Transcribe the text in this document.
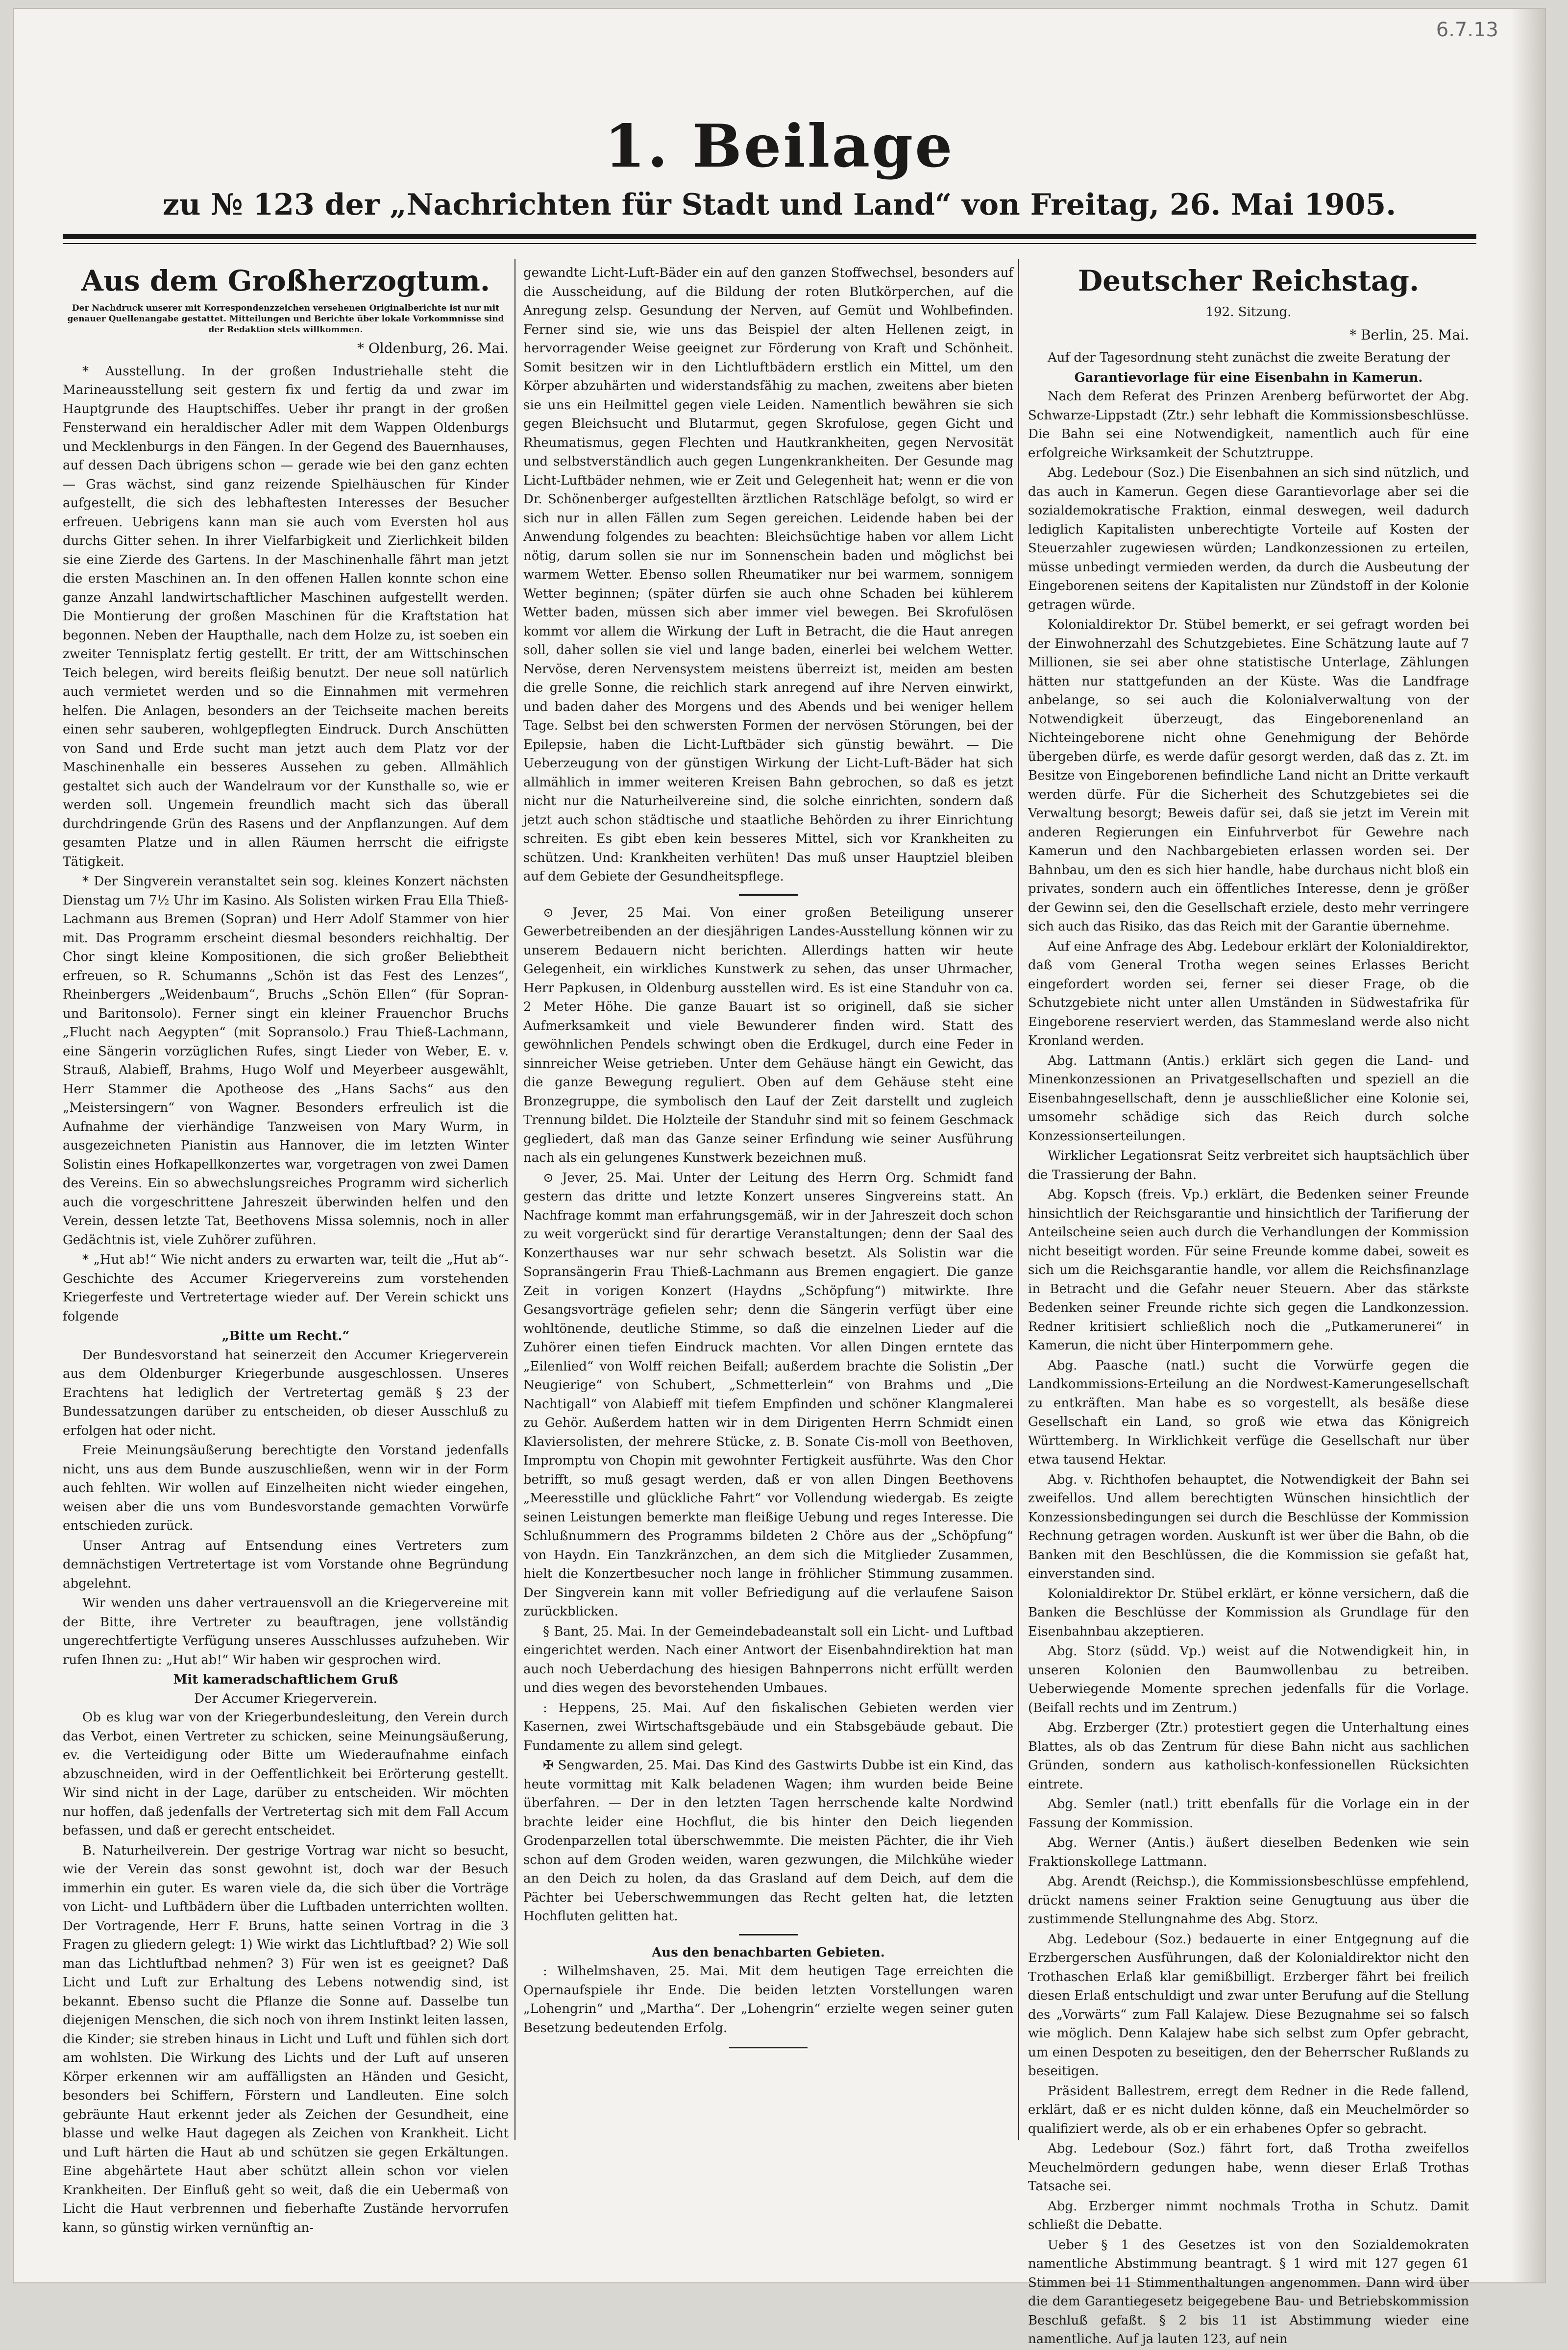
6.7.13
1. Beilage
zu № 123 der „Nachrichten für Stadt und Land“ von Freitag, 26. Mai 1905.
Aus dem Großherzogtum.
Der Nachdruck unserer mit Korrespondenzzeichen versehenen Originalberichte ist nur mit genauer Quellenangabe gestattet. Mitteilungen und Berichte über lokale Vorkommnisse sind der Redaktion stets willkommen.
* Oldenburg, 26. Mai.

* Ausstellung. In der großen Industriehalle steht die Marineausstellung seit gestern fix und fertig da und zwar im Hauptgrunde des Hauptschiffes. Ueber ihr prangt in der großen Fensterwand ein heraldischer Adler mit dem Wappen Oldenburgs und Mecklenburgs in den Fängen. In der Gegend des Bauernhauses, auf dessen Dach übrigens schon — gerade wie bei den ganz echten — Gras wächst, sind ganz reizende Spielhäuschen für Kinder aufgestellt, die sich des lebhaftesten Interesses der Besucher erfreuen. Uebrigens kann man sie auch vom Eversten hol aus durchs Gitter sehen. In ihrer Vielfarbigkeit und Zierlichkeit bilden sie eine Zierde des Gartens. In der Maschinenhalle fährt man jetzt die ersten Maschinen an. In den offenen Hallen konnte schon eine ganze Anzahl landwirtschaftlicher Maschinen aufgestellt werden. Die Montierung der großen Maschinen für die Kraftstation hat begonnen. Neben der Haupthalle, nach dem Holze zu, ist soeben ein zweiter Tennisplatz fertig gestellt. Er tritt, der am Wittschinschen Teich belegen, wird bereits fleißig benutzt. Der neue soll natürlich auch vermietet werden und so die Einnahmen mit vermehren helfen. Die Anlagen, besonders an der Teichseite machen bereits einen sehr sauberen, wohlgepflegten Eindruck. Durch Anschütten von Sand und Erde sucht man jetzt auch dem Platz vor der Maschinenhalle ein besseres Aussehen zu geben. Allmählich gestaltet sich auch der Wandelraum vor der Kunsthalle so, wie er werden soll. Ungemein freundlich macht sich das überall durchdringende Grün des Rasens und der Anpflanzungen. Auf dem gesamten Platze und in allen Räumen herrscht die eifrigste Tätigkeit.

* Der Singverein veranstaltet sein sog. kleines Konzert nächsten Dienstag um 7½ Uhr im Kasino. Als Solisten wirken Frau Ella Thieß-Lachmann aus Bremen (Sopran) und Herr Adolf Stammer von hier mit. Das Programm erscheint diesmal besonders reichhaltig. Der Chor singt kleine Kompositionen, die sich großer Beliebtheit erfreuen, so R. Schumanns „Schön ist das Fest des Lenzes“, Rheinbergers „Weidenbaum“, Bruchs „Schön Ellen“ (für Sopran- und Baritonsolo). Ferner singt ein kleiner Frauenchor Bruchs „Flucht nach Aegypten“ (mit Sopransolo.) Frau Thieß-Lachmann, eine Sängerin vorzüglichen Rufes, singt Lieder von Weber, E. v. Strauß, Alabieff, Brahms, Hugo Wolf und Meyerbeer ausgewählt, Herr Stammer die Apotheose des „Hans Sachs“ aus den „Meistersingern“ von Wagner. Besonders erfreulich ist die Aufnahme der vierhändige Tanzweisen von Mary Wurm, in ausgezeichneten Pianistin aus Hannover, die im letzten Winter Solistin eines Hofkapellkonzertes war, vorgetragen von zwei Damen des Vereins. Ein so abwechslungsreiches Programm wird sicherlich auch die vorgeschrittene Jahreszeit überwinden helfen und den Verein, dessen letzte Tat, Beethovens Missa solemnis, noch in aller Gedächtnis ist, viele Zuhörer zuführen.

* „Hut ab!“ Wie nicht anders zu erwarten war, teilt die „Hut ab“-Geschichte des Accumer Kriegervereins zum vorstehenden Kriegerfeste und Vertretertage wieder auf. Der Verein schickt uns folgende

„Bitte um Recht.“

Der Bundesvorstand hat seinerzeit den Accumer Kriegerverein aus dem Oldenburger Kriegerbunde ausgeschlossen. Unseres Erachtens hat lediglich der Vertretertag gemäß § 23 der Bundessatzungen darüber zu entscheiden, ob dieser Ausschluß zu erfolgen hat oder nicht.

Freie Meinungsäußerung berechtigte den Vorstand jedenfalls nicht, uns aus dem Bunde auszuschließen, wenn wir in der Form auch fehlten. Wir wollen auf Einzelheiten nicht wieder eingehen, weisen aber die uns vom Bundesvorstande gemachten Vorwürfe entschieden zurück.

Unser Antrag auf Entsendung eines Vertreters zum demnächstigen Vertretertage ist vom Vorstande ohne Begründung abgelehnt.

Wir wenden uns daher vertrauensvoll an die Kriegervereine mit der Bitte, ihre Vertreter zu beauftragen, jene vollständig ungerechtfertigte Verfügung unseres Ausschlusses aufzuheben. Wir rufen Ihnen zu: „Hut ab!“ Wir haben wir gesprochen wird.

Mit kameradschaftlichem Gruß
Der Accumer Kriegerverein.

Ob es klug war von der Kriegerbundesleitung, den Verein durch das Verbot, einen Vertreter zu schicken, seine Meinungsäußerung, ev. die Verteidigung oder Bitte um Wiederaufnahme einfach abzuschneiden, wird in der Oeffentlichkeit bei Erörterung gestellt. Wir sind nicht in der Lage, darüber zu entscheiden. Wir möchten nur hoffen, daß jedenfalls der Vertretertag sich mit dem Fall Accum befassen, und daß er gerecht entscheidet.

B. Naturheilverein. Der gestrige Vortrag war nicht so besucht, wie der Verein das sonst gewohnt ist, doch war der Besuch immerhin ein guter. Es waren viele da, die sich über die Vorträge von Licht- und Luftbädern über die Luftbaden unterrichten wollten. Der Vortragende, Herr F. Bruns, hatte seinen Vortrag in die 3 Fragen zu gliedern gelegt: 1) Wie wirkt das Lichtluftbad? 2) Wie soll man das Lichtluftbad nehmen? 3) Für wen ist es geeignet? Daß Licht und Luft zur Erhaltung des Lebens notwendig sind, ist bekannt. Ebenso sucht die Pflanze die Sonne auf. Dasselbe tun diejenigen Menschen, die sich noch von ihrem Instinkt leiten lassen, die Kinder; sie streben hinaus in Licht und Luft und fühlen sich dort am wohlsten. Die Wirkung des Lichts und der Luft auf unseren Körper erkennen wir am auffälligsten an Händen und Gesicht, besonders bei Schiffern, Förstern und Landleuten. Eine solch gebräunte Haut erkennt jeder als Zeichen der Gesundheit, eine blasse und welke Haut dagegen als Zeichen von Krankheit. Licht und Luft härten die Haut ab und schützen sie gegen Erkältungen. Eine abgehärtete Haut aber schützt allein schon vor vielen Krankheiten. Der Einfluß geht so weit, daß die ein Uebermaß von Licht die Haut verbrennen und fieberhafte Zustände hervorrufen kann, so günstig wirken vernünftig an-

gewandte Licht-Luft-Bäder ein auf den ganzen Stoffwechsel, besonders auf die Ausscheidung, auf die Bildung der roten Blutkörperchen, auf die Anregung zelsp. Gesundung der Nerven, auf Gemüt und Wohlbefinden. Ferner sind sie, wie uns das Beispiel der alten Hellenen zeigt, in hervorragender Weise geeignet zur Förderung von Kraft und Schönheit. Somit besitzen wir in den Lichtluftbädern erstlich ein Mittel, um den Körper abzuhärten und widerstandsfähig zu machen, zweitens aber bieten sie uns ein Heilmittel gegen viele Leiden. Namentlich bewähren sie sich gegen Bleichsucht und Blutarmut, gegen Skrofulose, gegen Gicht und Rheumatismus, gegen Flechten und Hautkrankheiten, gegen Nervosität und selbstverständlich auch gegen Lungenkrankheiten. Der Gesunde mag Licht-Luftbäder nehmen, wie er Zeit und Gelegenheit hat; wenn er die von Dr. Schönenberger aufgestellten ärztlichen Ratschläge befolgt, so wird er sich nur in allen Fällen zum Segen gereichen. Leidende haben bei der Anwendung folgendes zu beachten: Bleichsüchtige haben vor allem Licht nötig, darum sollen sie nur im Sonnenschein baden und möglichst bei warmem Wetter. Ebenso sollen Rheumatiker nur bei warmem, sonnigem Wetter beginnen; (später dürfen sie auch ohne Schaden bei kühlerem Wetter baden, müssen sich aber immer viel bewegen. Bei Skrofulösen kommt vor allem die Wirkung der Luft in Betracht, die die Haut anregen soll, daher sollen sie viel und lange baden, einerlei bei welchem Wetter. Nervöse, deren Nervensystem meistens überreizt ist, meiden am besten die grelle Sonne, die reichlich stark anregend auf ihre Nerven einwirkt, und baden daher des Morgens und des Abends und bei weniger hellem Tage. Selbst bei den schwersten Formen der nervösen Störungen, bei der Epilepsie, haben die Licht-Luftbäder sich günstig bewährt. — Die Ueberzeugung von der günstigen Wirkung der Licht-Luft-Bäder hat sich allmählich in immer weiteren Kreisen Bahn gebrochen, so daß es jetzt nicht nur die Naturheilvereine sind, die solche einrichten, sondern daß jetzt auch schon städtische und staatliche Behörden zu ihrer Einrichtung schreiten. Es gibt eben kein besseres Mittel, sich vor Krankheiten zu schützen. Und: Krankheiten verhüten! Das muß unser Hauptziel bleiben auf dem Gebiete der Gesundheitspflege.

⊙ Jever, 25 Mai. Von einer großen Beteiligung unserer Gewerbetreibenden an der diesjährigen Landes-Ausstellung können wir zu unserem Bedauern nicht berichten. Allerdings hatten wir heute Gelegenheit, ein wirkliches Kunstwerk zu sehen, das unser Uhrmacher, Herr Papkusen, in Oldenburg ausstellen wird. Es ist eine Standuhr von ca. 2 Meter Höhe. Die ganze Bauart ist so originell, daß sie sicher Aufmerksamkeit und viele Bewunderer finden wird. Statt des gewöhnlichen Pendels schwingt oben die Erdkugel, durch eine Feder in sinnreicher Weise getrieben. Unter dem Gehäuse hängt ein Gewicht, das die ganze Bewegung reguliert. Oben auf dem Gehäuse steht eine Bronzegruppe, die symbolisch den Lauf der Zeit darstellt und zugleich Trennung bildet. Die Holzteile der Standuhr sind mit so feinem Geschmack gegliedert, daß man das Ganze seiner Erfindung wie seiner Ausführung nach als ein gelungenes Kunstwerk bezeichnen muß.

⊙ Jever, 25. Mai. Unter der Leitung des Herrn Org. Schmidt fand gestern das dritte und letzte Konzert unseres Singvereins statt. An Nachfrage kommt man erfahrungsgemäß, wir in der Jahreszeit doch schon zu weit vorgerückt sind für derartige Veranstaltungen; denn der Saal des Konzerthauses war nur sehr schwach besetzt. Als Solistin war die Sopransängerin Frau Thieß-Lachmann aus Bremen engagiert. Die ganze Zeit in vorigen Konzert (Haydns „Schöpfung“) mitwirkte. Ihre Gesangsvorträge gefielen sehr; denn die Sängerin verfügt über eine wohltönende, deutliche Stimme, so daß die einzelnen Lieder auf die Zuhörer einen tiefen Eindruck machten. Vor allen Dingen erntete das „Eilenlied“ von Wolff reichen Beifall; außerdem brachte die Solistin „Der Neugierige“ von Schubert, „Schmetterlein“ von Brahms und „Die Nachtigall“ von Alabieff mit tiefem Empfinden und schöner Klangmalerei zu Gehör. Außerdem hatten wir in dem Dirigenten Herrn Schmidt einen Klaviersolisten, der mehrere Stücke, z. B. Sonate Cis-moll von Beethoven, Impromptu von Chopin mit gewohnter Fertigkeit ausführte. Was den Chor betrifft, so muß gesagt werden, daß er von allen Dingen Beethovens „Meeresstille und glückliche Fahrt“ vor Vollendung wiedergab. Es zeigte seinen Leistungen bemerkte man fleißige Uebung und reges Interesse. Die Schlußnummern des Programms bildeten 2 Chöre aus der „Schöpfung“ von Haydn. Ein Tanzkränzchen, an dem sich die Mitglieder Zusammen, hielt die Konzertbesucher noch lange in fröhlicher Stimmung zusammen. Der Singverein kann mit voller Befriedigung auf die verlaufene Saison zurückblicken.

§ Bant, 25. Mai. In der Gemeindebadeanstalt soll ein Licht- und Luftbad eingerichtet werden. Nach einer Antwort der Eisenbahndirektion hat man auch noch Ueberdachung des hiesigen Bahnperrons nicht erfüllt werden und dies wegen des bevorstehenden Umbaues.

: Heppens, 25. Mai. Auf den fiskalischen Gebieten werden vier Kasernen, zwei Wirtschaftsgebäude und ein Stabsgebäude gebaut. Die Fundamente zu allem sind gelegt.

✠ Sengwarden, 25. Mai. Das Kind des Gastwirts Dubbe ist ein Kind, das heute vormittag mit Kalk beladenen Wagen; ihm wurden beide Beine überfahren. — Der in den letzten Tagen herrschende kalte Nordwind brachte leider eine Hochflut, die bis hinter den Deich liegenden Grodenparzellen total überschwemmte. Die meisten Pächter, die ihr Vieh schon auf dem Groden weiden, waren gezwungen, die Milchkühe wieder an den Deich zu holen, da das Grasland auf dem Deich, auf dem die Pächter bei Ueberschwemmungen das Recht gelten hat, die letzten Hochfluten gelitten hat.

Aus den benachbarten Gebieten.

: Wilhelmshaven, 25. Mai. Mit dem heutigen Tage erreichten die Opernaufspiele ihr Ende. Die beiden letzten Vorstellungen waren „Lohengrin“ und „Martha“. Der „Lohengrin“ erzielte wegen seiner guten Besetzung bedeutenden Erfolg.

Deutscher Reichstag.
192. Sitzung.
* Berlin, 25. Mai.

Auf der Tagesordnung steht zunächst die zweite Beratung der

Garantievorlage für eine Eisenbahn in Kamerun.

Nach dem Referat des Prinzen Arenberg befürwortet der Abg. Schwarze-Lippstadt (Ztr.) sehr lebhaft die Kommissionsbeschlüsse. Die Bahn sei eine Notwendigkeit, namentlich auch für eine erfolgreiche Wirksamkeit der Schutztruppe.

Abg. Ledebour (Soz.) Die Eisenbahnen an sich sind nützlich, und das auch in Kamerun. Gegen diese Garantievorlage aber sei die sozialdemokratische Fraktion, einmal deswegen, weil dadurch lediglich Kapitalisten unberechtigte Vorteile auf Kosten der Steuerzahler zugewiesen würden; Landkonzessionen zu erteilen, müsse unbedingt vermieden werden, da durch die Ausbeutung der Eingeborenen seitens der Kapitalisten nur Zündstoff in der Kolonie getragen würde.

Kolonialdirektor Dr. Stübel bemerkt, er sei gefragt worden bei der Einwohnerzahl des Schutzgebietes. Eine Schätzung laute auf 7 Millionen, sie sei aber ohne statistische Unterlage, Zählungen hätten nur stattgefunden an der Küste. Was die Landfrage anbelange, so sei auch die Kolonialverwaltung von der Notwendigkeit überzeugt, das Eingeborenenland an Nichteingeborene nicht ohne Genehmigung der Behörde übergeben dürfe, es werde dafür gesorgt werden, daß das z. Zt. im Besitze von Eingeborenen befindliche Land nicht an Dritte verkauft werden dürfe. Für die Sicherheit des Schutzgebietes sei die Verwaltung besorgt; Beweis dafür sei, daß sie jetzt im Verein mit anderen Regierungen ein Einfuhrverbot für Gewehre nach Kamerun und den Nachbargebieten erlassen worden sei. Der Bahnbau, um den es sich hier handle, habe durchaus nicht bloß ein privates, sondern auch ein öffentliches Interesse, denn je größer der Gewinn sei, den die Gesellschaft erziele, desto mehr verringere sich auch das Risiko, das das Reich mit der Garantie übernehme.

Auf eine Anfrage des Abg. Ledebour erklärt der Kolonialdirektor, daß vom General Trotha wegen seines Erlasses Bericht eingefordert worden sei, ferner sei dieser Frage, ob die Schutzgebiete nicht unter allen Umständen in Südwestafrika für Eingeborene reserviert werden, das Stammesland werde also nicht Kronland werden.

Abg. Lattmann (Antis.) erklärt sich gegen die Land- und Minenkonzessionen an Privatgesellschaften und speziell an die Eisenbahngesellschaft, denn je ausschließlicher eine Kolonie sei, umsomehr schädige sich das Reich durch solche Konzessionserteilungen.

Wirklicher Legationsrat Seitz verbreitet sich hauptsächlich über die Trassierung der Bahn.

Abg. Kopsch (freis. Vp.) erklärt, die Bedenken seiner Freunde hinsichtlich der Reichsgarantie und hinsichtlich der Tarifierung der Anteilscheine seien auch durch die Verhandlungen der Kommission nicht beseitigt worden. Für seine Freunde komme dabei, soweit es sich um die Reichsgarantie handle, vor allem die Reichsfinanzlage in Betracht und die Gefahr neuer Steuern. Aber das stärkste Bedenken seiner Freunde richte sich gegen die Landkonzession. Redner kritisiert schließlich noch die „Putkamerunerei“ in Kamerun, die nicht über Hinterpommern gehe.

Abg. Paasche (natl.) sucht die Vorwürfe gegen die Landkommissions-Erteilung an die Nordwest-Kamerungesellschaft zu entkräften. Man habe es so vorgestellt, als besäße diese Gesellschaft ein Land, so groß wie etwa das Königreich Württemberg. In Wirklichkeit verfüge die Gesellschaft nur über etwa tausend Hektar.

Abg. v. Richthofen behauptet, die Notwendigkeit der Bahn sei zweifellos. Und allem berechtigten Wünschen hinsichtlich der Konzessionsbedingungen sei durch die Beschlüsse der Kommission Rechnung getragen worden. Auskunft ist wer über die Bahn, ob die Banken mit den Beschlüssen, die die Kommission sie gefaßt hat, einverstanden sind.

Kolonialdirektor Dr. Stübel erklärt, er könne versichern, daß die Banken die Beschlüsse der Kommission als Grundlage für den Eisenbahnbau akzeptieren.

Abg. Storz (südd. Vp.) weist auf die Notwendigkeit hin, in unseren Kolonien den Baumwollenbau zu betreiben. Ueberwiegende Momente sprechen jedenfalls für die Vorlage. (Beifall rechts und im Zentrum.)

Abg. Erzberger (Ztr.) protestiert gegen die Unterhaltung eines Blattes, als ob das Zentrum für diese Bahn nicht aus sachlichen Gründen, sondern aus katholisch-konfessionellen Rücksichten eintrete.

Abg. Semler (natl.) tritt ebenfalls für die Vorlage ein in der Fassung der Kommission.

Abg. Werner (Antis.) äußert dieselben Bedenken wie sein Fraktionskollege Lattmann.

Abg. Arendt (Reichsp.), die Kommissionsbeschlüsse empfehlend, drückt namens seiner Fraktion seine Genugtuung aus über die zustimmende Stellungnahme des Abg. Storz.

Abg. Ledebour (Soz.) bedauerte in einer Entgegnung auf die Erzbergerschen Ausführungen, daß der Kolonialdirektor nicht den Trothaschen Erlaß klar gemißbilligt. Erzberger fährt bei freilich diesen Erlaß entschuldigt und zwar unter Berufung auf die Stellung des „Vorwärts“ zum Fall Kalajew. Diese Bezugnahme sei so falsch wie möglich. Denn Kalajew habe sich selbst zum Opfer gebracht, um einen Despoten zu beseitigen, den der Beherrscher Rußlands zu beseitigen.

Präsident Ballestrem, erregt dem Redner in die Rede fallend, erklärt, daß er es nicht dulden könne, daß ein Meuchelmörder so qualifiziert werde, als ob er ein erhabenes Opfer so gebracht.

Abg. Ledebour (Soz.) fährt fort, daß Trotha zweifellos Meuchelmördern gedungen habe, wenn dieser Erlaß Trothas Tatsache sei.

Abg. Erzberger nimmt nochmals Trotha in Schutz. Damit schließt die Debatte.

Ueber § 1 des Gesetzes ist von den Sozialdemokraten namentliche Abstimmung beantragt. § 1 wird mit 127 gegen 61 Stimmen bei 11 Stimmenthaltungen angenommen. Dann wird über die dem Garantiegesetz beigegebene Bau- und Betriebskommission Beschluß gefaßt. § 2 bis 11 ist Abstimmung wieder eine namentliche. Auf ja lauten 123, auf nein
